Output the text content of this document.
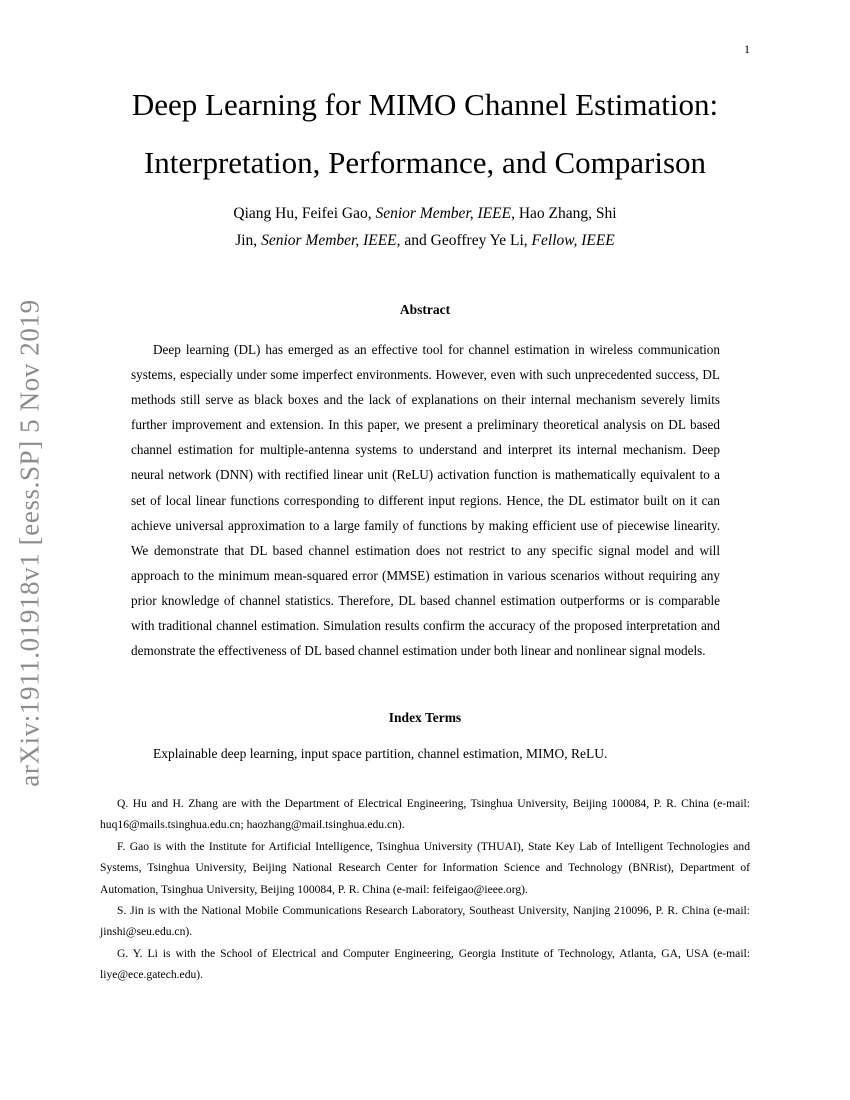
1
arXiv:1911.01918v1 [eess.SP] 5 Nov 2019
Deep Learning for MIMO Channel Estimation:
Interpretation, Performance, and Comparison
Qiang Hu, Feifei Gao, Senior Member, IEEE, Hao Zhang, Shi
Jin, Senior Member, IEEE, and Geoffrey Ye Li, Fellow, IEEE
Abstract

Deep learning (DL) has emerged as an effective tool for channel estimation in wireless communication systems, especially under some imperfect environments. However, even with such unprecedented success, DL methods still serve as black boxes and the lack of explanations on their internal mechanism severely limits further improvement and extension. In this paper, we present a preliminary theoretical analysis on DL based channel estimation for multiple-antenna systems to understand and interpret its internal mechanism. Deep neural network (DNN) with rectified linear unit (ReLU) activation function is mathematically equivalent to a set of local linear functions corresponding to different input regions. Hence, the DL estimator built on it can achieve universal approximation to a large family of functions by making efficient use of piecewise linearity. We demonstrate that DL based channel estimation does not restrict to any specific signal model and will approach to the minimum mean-squared error (MMSE) estimation in various scenarios without requiring any prior knowledge of channel statistics. Therefore, DL based channel estimation outperforms or is comparable with traditional channel estimation. Simulation results confirm the accuracy of the proposed interpretation and demonstrate the effectiveness of DL based channel estimation under both linear and nonlinear signal models.

Index Terms
Explainable deep learning, input space partition, channel estimation, MIMO, ReLU.

Q. Hu and H. Zhang are with the Department of Electrical Engineering, Tsinghua University, Beijing 100084, P. R. China (e-mail: huq16@mails.tsinghua.edu.cn; haozhang@mail.tsinghua.edu.cn).

F. Gao is with the Institute for Artificial Intelligence, Tsinghua University (THUAI), State Key Lab of Intelligent Technologies and Systems, Tsinghua University, Beijing National Research Center for Information Science and Technology (BNRist), Department of Automation, Tsinghua University, Beijing 100084, P. R. China (e-mail: feifeigao@ieee.org).

S. Jin is with the National Mobile Communications Research Laboratory, Southeast University, Nanjing 210096, P. R. China (e-mail: jinshi@seu.edu.cn).

G. Y. Li is with the School of Electrical and Computer Engineering, Georgia Institute of Technology, Atlanta, GA, USA (e-mail: liye@ece.gatech.edu).
